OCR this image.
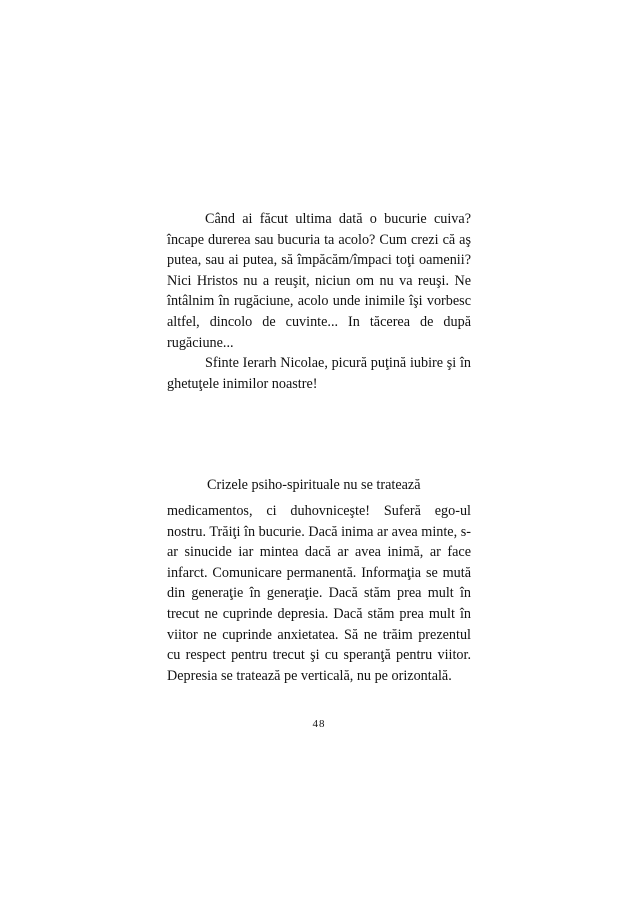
Când ai făcut ultima dată o bucurie cuiva? încape durerea sau bucuria ta acolo? Cum crezi că aş putea, sau ai putea, să împăcăm/împaci toţi oamenii? Nici Hristos nu a reuşit, niciun om nu va reuşi. Ne întâlnim în rugăciune, acolo unde inimile îşi vorbesc altfel, dincolo de cuvinte... In tăcerea de după rugăciune...

Sfinte Ierarh Nicolae, picură puţină iubire şi în ghetuţele inimilor noastre!

Crizele psiho-spirituale nu se tratează

medicamentos, ci duhovniceşte! Suferă ego-ul nostru. Trăiţi în bucurie. Dacă inima ar avea minte, s-ar sinucide iar mintea dacă ar avea inimă, ar face infarct. Comunicare permanentă. Informaţia se mută din generaţie în generaţie. Dacă stăm prea mult în trecut ne cuprinde depresia. Dacă stăm prea mult în viitor ne cuprinde anxietatea. Să ne trăim prezentul cu respect pentru trecut şi cu speranţă pentru viitor. Depresia se tratează pe verticală, nu pe orizontală.

48
